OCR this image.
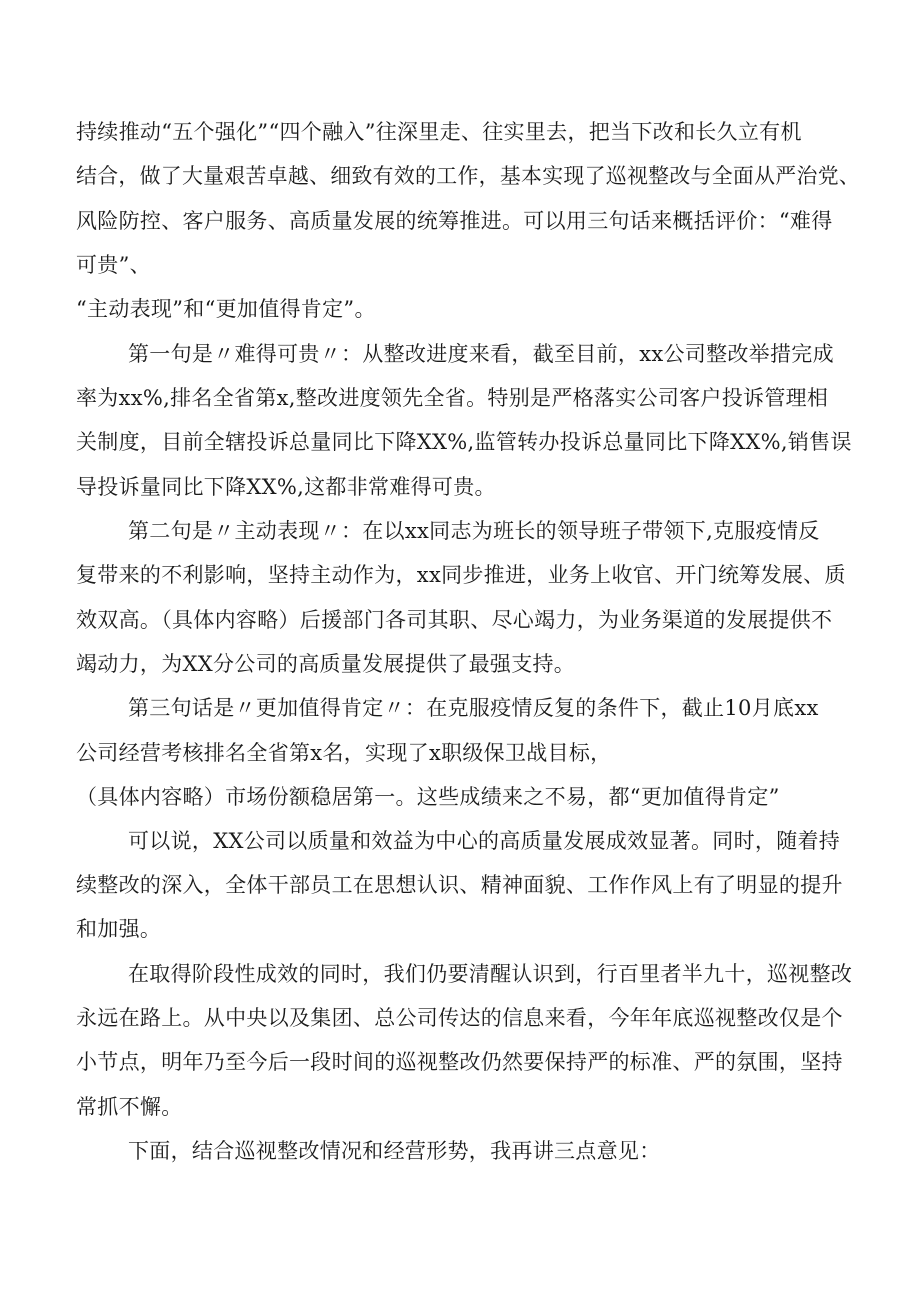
持续推动“五个强化”“四个融入”往深里走、往实里去，把当下改和长久立有机
结合，做了大量艰苦卓越、细致有效的工作，基本实现了巡视整改与全面从严治党、
风险防控、客户服务、高质量发展的统筹推进。可以用三句话来概括评价：“难得
可贵”、
“主动表现”和“更加值得肯定”。
第一句是〃难得可贵〃：从整改进度来看，截至目前，xx公司整改举措完成
率为xx%,排名全省第x,整改进度领先全省。特别是严格落实公司客户投诉管理相
关制度，目前全辖投诉总量同比下降XX%,监管转办投诉总量同比下降XX%,销售误
导投诉量同比下降XX%,这都非常难得可贵。
第二句是〃主动表现〃：在以xx同志为班长的领导班子带领下,克服疫情反
复带来的不利影响，坚持主动作为，xx同步推进，业务上收官、开门统筹发展、质
效双高。（具体内容略）后援部门各司其职、尽心竭力，为业务渠道的发展提供不
竭动力，为XX分公司的高质量发展提供了最强支持。
第三句话是〃更加值得肯定〃：在克服疫情反复的条件下，截止10月底xx
公司经营考核排名全省第x名，实现了x职级保卫战目标，
（具体内容略）市场份额稳居第一。这些成绩来之不易，都“更加值得肯定”
可以说，XX公司以质量和效益为中心的高质量发展成效显著。同时，随着持
续整改的深入，全体干部员工在思想认识、精神面貌、工作作风上有了明显的提升
和加强。
在取得阶段性成效的同时，我们仍要清醒认识到，行百里者半九十，巡视整改
永远在路上。从中央以及集团、总公司传达的信息来看，今年年底巡视整改仅是个
小节点，明年乃至今后一段时间的巡视整改仍然要保持严的标准、严的氛围，坚持
常抓不懈。
下面，结合巡视整改情况和经营形势，我再讲三点意见：
